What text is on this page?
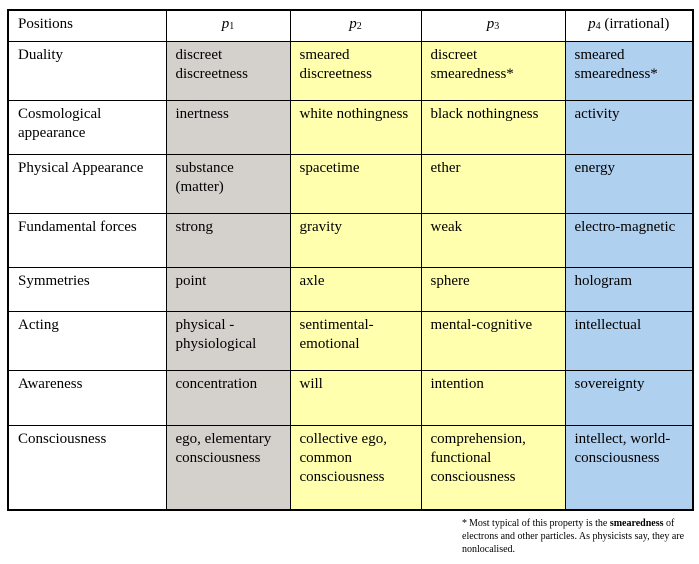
Positions	p1	p2	p3	p4 (irrational)
Duality	discreet discreetness	smeared discreetness	discreet smearedness*	smeared smearedness*
Cosmological appearance	inertness	white nothingness	black nothingness	activity
Physical Appearance	substance (matter)	spacetime	ether	energy
Fundamental forces	strong	gravity	weak	electro-magnetic
Symmetries	point	axle	sphere	hologram
Acting	physical - physiological	sentimental-emotional	mental-cognitive	intellectual
Awareness	concentration	will	intention	sovereignty
Consciousness	ego, elementary consciousness	collective ego, common consciousness	comprehension, functional consciousness	intellect, world-consciousness
* Most typical of this property is the smearedness of electrons and other particles. As physicists say, they are nonlocalised.
